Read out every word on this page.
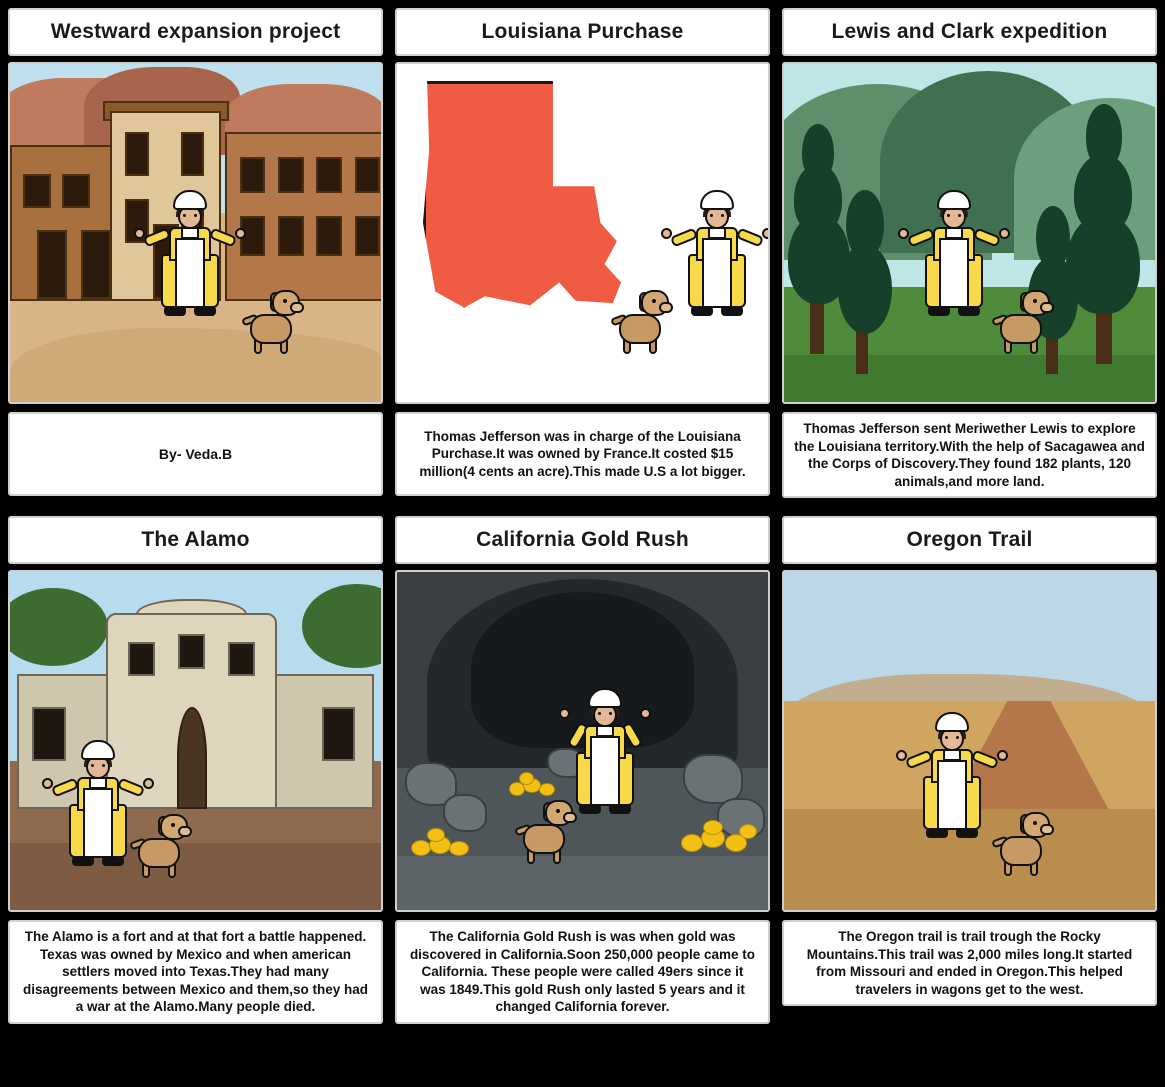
Westward expansion project
By- Veda.B
Louisiana Purchase
Thomas Jefferson was in charge of the Louisiana Purchase.It was owned by France.It costed $15 million(4 cents an acre).This made U.S a lot bigger.
Lewis and Clark expedition
Thomas Jefferson sent Meriwether Lewis to explore the Louisiana territory.With the help of Sacagawea and the Corps of Discovery.They found 182 plants, 120 animals,and more land.
The Alamo
The Alamo is a fort and at that fort a battle happened. Texas was owned by Mexico and when american settlers moved into Texas.They had many disagreements between Mexico and them,so they had a war at the Alamo.Many people died.
California Gold Rush
The California Gold Rush is was when gold was discovered in California.Soon 250,000 people came to California. These people were called 49ers since it was 1849.This gold Rush only lasted 5 years and it changed California forever.
Oregon Trail
The Oregon trail is trail trough the Rocky Mountains.This trail was 2,000 miles long.It started from Missouri and ended in Oregon.This helped travelers in wagons get to the west.
